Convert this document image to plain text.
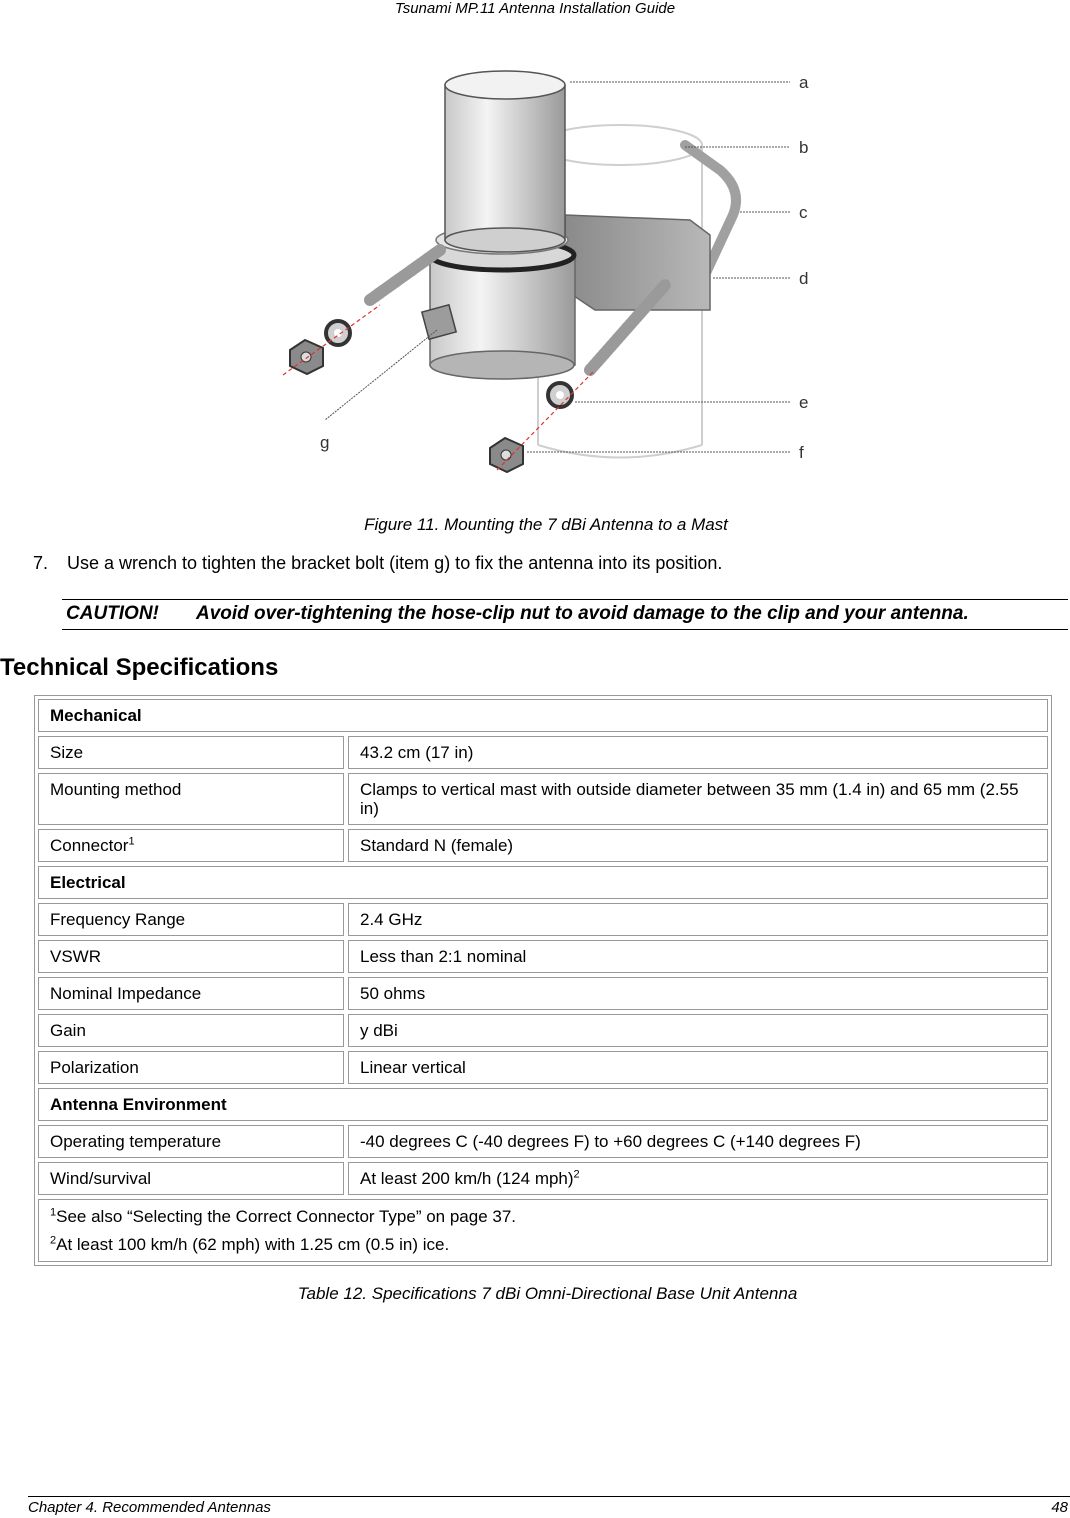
Tsunami MP.11 Antenna Installation Guide
a
b
c
d
e
f
g
Figure 11. Mounting the 7 dBi Antenna to a Mast
7. Use a wrench to tighten the bracket bolt (item g) to fix the antenna into its position.
CAUTION! Avoid over-tightening the hose-clip nut to avoid damage to the clip and your antenna.
Technical Specifications
Mechanical
Size	43.2 cm (17 in)
Mounting method	Clamps to vertical mast with outside diameter between 35 mm (1.4 in) and 65 mm (2.55 in)
Connector$^1$	Standard N (female)
Electrical
Frequency Range	2.4 GHz
VSWR	Less than 2:1 nominal
Nominal Impedance	50 ohms
Gain	y dBi
Polarization	Linear vertical
Antenna Environment
Operating temperature	-40 degrees C (-40 degrees F) to +60 degrees C (+140 degrees F)
Wind/survival	At least 200 km/h (124 mph)$^2$

$^1$See also “Selecting the Correct Connector Type” on page 37.

$^2$At least 100 km/h (62 mph) with 1.25 cm (0.5 in) ice.

Table 12. Specifications 7 dBi Omni-Directional Base Unit Antenna
Chapter 4. Recommended Antennas	48
